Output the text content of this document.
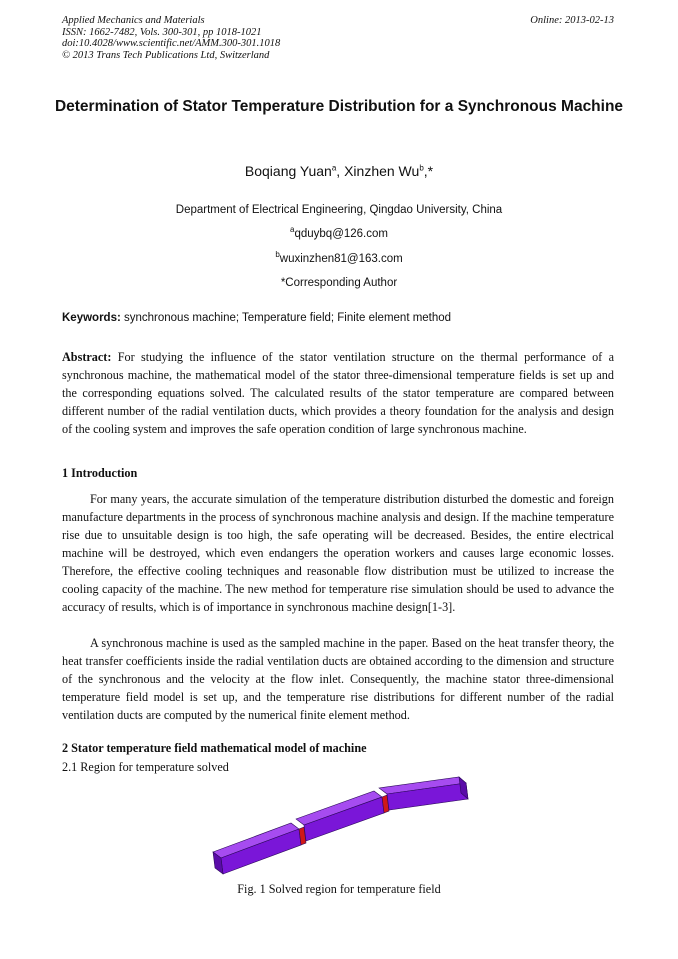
Applied Mechanics and Materials
ISSN: 1662-7482, Vols. 300-301, pp 1018-1021
doi:10.4028/www.scientific.net/AMM.300-301.1018
© 2013 Trans Tech Publications Ltd, Switzerland
Online: 2013-02-13
Determination of Stator Temperature Distribution for a Synchronous Machine
Boqiang Yuan$^a$, Xinzhen Wu$^b$,*
Department of Electrical Engineering, Qingdao University, China
$^a$qduybq@126.com
$^b$wuxinzhen81@163.com
*Corresponding Author
Keywords: synchronous machine; Temperature field; Finite element method
Abstract: For studying the influence of the stator ventilation structure on the thermal performance of a synchronous machine, the mathematical model of the stator three-dimensional temperature fields is set up and the corresponding equations solved. The calculated results of the stator temperature are compared between different number of the radial ventilation ducts, which provides a theory foundation for the analysis and design of the cooling system and improves the safe operation condition of large synchronous machine.
1 Introduction
For many years, the accurate simulation of the temperature distribution disturbed the domestic and foreign manufacture departments in the process of synchronous machine analysis and design. If the machine temperature rise due to unsuitable design is too high, the safe operating will be decreased. Besides, the entire electrical machine will be destroyed, which even endangers the operation workers and causes large economic losses. Therefore, the effective cooling techniques and reasonable flow distribution must be utilized to increase the cooling capacity of the machine. The new method for temperature rise simulation should be used to advance the accuracy of results, which is of importance in synchronous machine design[1-3].
A synchronous machine is used as the sampled machine in the paper. Based on the heat transfer theory, the heat transfer coefficients inside the radial ventilation ducts are obtained according to the dimension and structure of the synchronous and the velocity at the flow inlet. Consequently, the machine stator three-dimensional temperature field model is set up, and the temperature rise distributions for different number of the radial ventilation ducts are computed by the numerical finite element method.
2 Stator temperature field mathematical model of machine
2.1 Region for temperature solved
Fig. 1 Solved region for temperature field
